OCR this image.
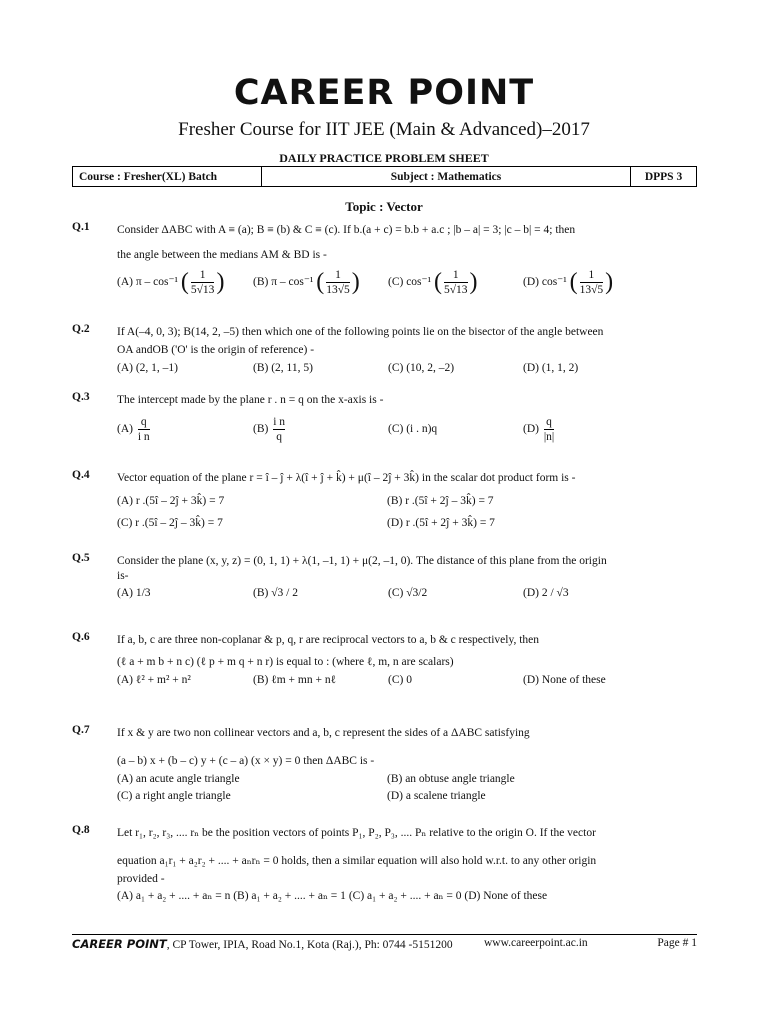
CAREER POINT
Fresher Course for IIT JEE (Main & Advanced)–2017
DAILY PRACTICE PROBLEM SHEET
Course : Fresher(XL) Batch	Subject : Mathematics	DPPS 3
Topic : Vector
Q.1 Consider ΔABC with A ≡ (a); B ≡ (b) & C ≡ (c). If b.(a + c) = b.b + a.c ; |b – a| = 3; |c – b| = 4; then
the angle between the medians AM & BD is -
(A) π – cos⁻¹ ( $\frac{1}{5√13}$ )	(B) π – cos⁻¹ ( $\frac{1}{13√5}$ )	(C) cos⁻¹ ( $\frac{1}{5√13}$ )	(D) cos⁻¹ ( $\frac{1}{13√5}$ )
Q.2 If A(–4, 0, 3); B(14, 2, –5) then which one of the following points lie on the bisector of the angle between
OA andOB ('O' is the origin of reference) -
(A) (2, 1, –1)	(B) (2, 11, 5)	(C) (10, 2, –2)	(D) (1, 1, 2)
Q.3 The intercept made by the plane r . n = q on the x-axis is -
$(A) \frac{q}{\text{i n}}$	$(B) \frac{\text{i n}}{q}$	(C) (i . n)q	$(D) \frac{q}{|n|}$
Q.4 Vector equation of the plane r = î – ĵ + λ(î + ĵ + k̂) + μ(î – 2ĵ + 3k̂) in the scalar dot product form is -
(A) r .(5î – 2ĵ + 3k̂) = 7	(B) r .(5î + 2ĵ – 3k̂) = 7
(C) r .(5î – 2ĵ – 3k̂) = 7	(D) r .(5î + 2ĵ + 3k̂) = 7
Q.5 Consider the plane (x, y, z) = (0, 1, 1) + λ(1, –1, 1) + μ(2, –1, 0). The distance of this plane from the origin
is-
(A) 1/3	(B) √3 / 2	(C) √3/2	(D) 2 / √3
Q.6 If a, b, c are three non-coplanar & p, q, r are reciprocal vectors to a, b & c respectively, then
(ℓ a + m b + n c) (ℓ p + m q + n r) is equal to : (where ℓ, m, n are scalars)
(A) ℓ² + m² + n²	(B) ℓm + mn + nℓ	(C) 0	(D) None of these
Q.7 If x & y are two non collinear vectors and a, b, c represent the sides of a ΔABC satisfying
(a – b) x + (b – c) y + (c – a) (x × y) = 0 then ΔABC is -
(A) an acute angle triangle	(B) an obtuse angle triangle
(C) a right angle triangle	(D) a scalene triangle
Q.8 Let r₁, r₂, r₃, .... rₙ be the position vectors of points P₁, P₂, P₃, .... Pₙ relative to the origin O. If the vector
equation a₁r₁ + a₂r₂ + .... + aₙrₙ = 0 holds, then a similar equation will also hold w.r.t. to any other origin
provided -
(A) a₁ + a₂ + .... + aₙ = n (B) a₁ + a₂ + .... + aₙ = 1 (C) a₁ + a₂ + .... + aₙ = 0 (D) None of these
CAREER POINT, CP Tower, IPIA, Road No.1, Kota (Raj.), Ph: 0744 -5151200	www.careerpoint.ac.in	Page # 1
